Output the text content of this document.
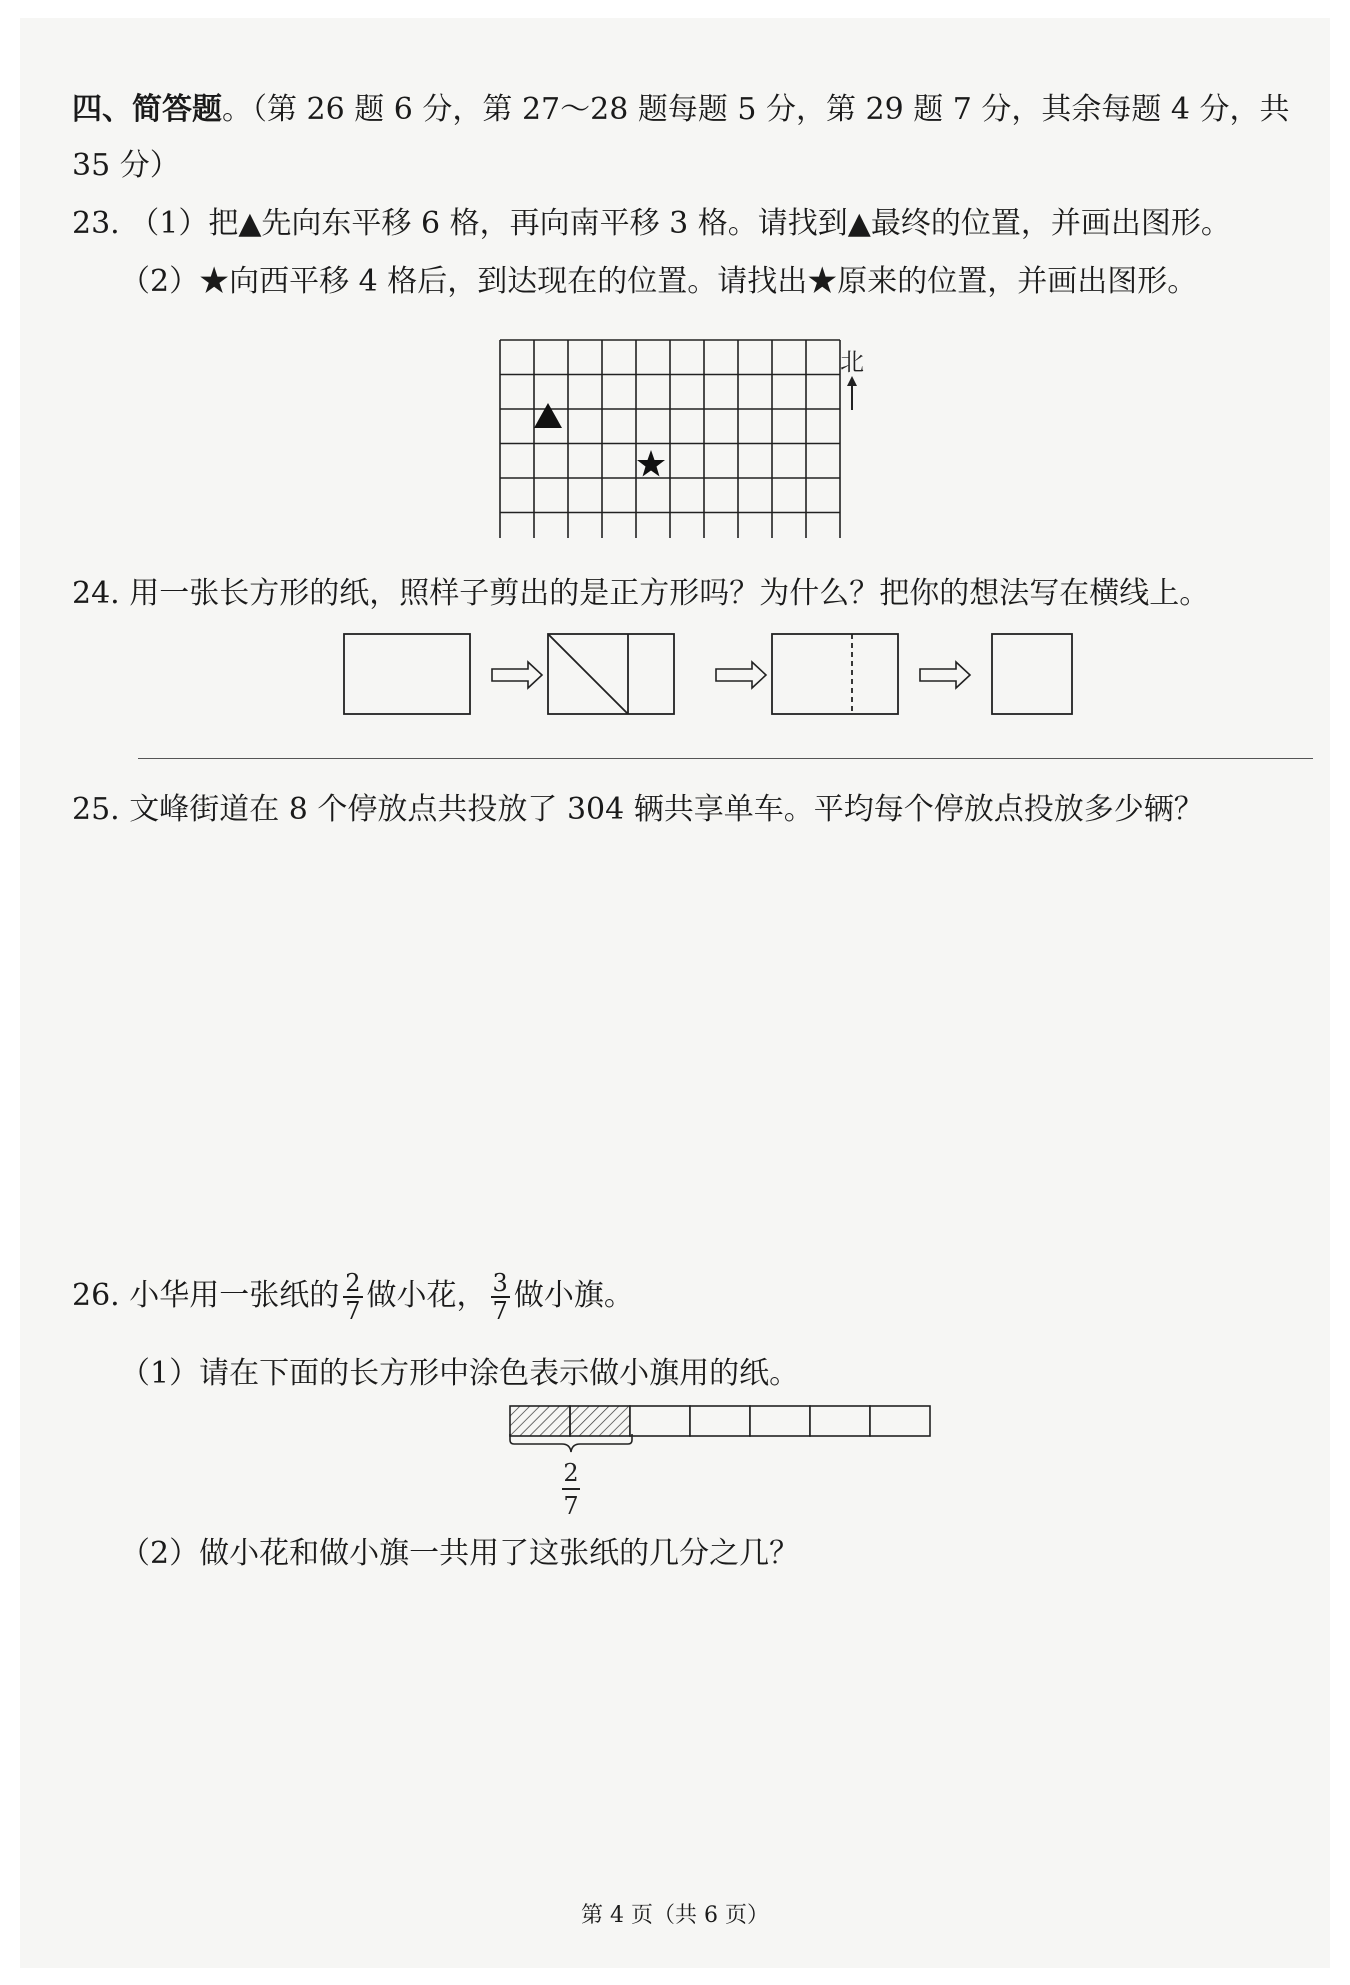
四、简答题。（第 26 题 6 分，第 27～28 题每题 5 分，第 29 题 7 分，其余每题 4 分，共
35 分）
23. （1）把▲先向东平移 6 格，再向南平移 3 格。请找到▲最终的位置，并画出图形。
（2）★向西平移 4 格后，到达现在的位置。请找出★原来的位置，并画出图形。
北
24. 用一张长方形的纸，照样子剪出的是正方形吗？为什么？把你的想法写在横线上。
25. 文峰街道在 8 个停放点共投放了 304 辆共享单车。平均每个停放点投放多少辆？
26. 小华用一张纸的 $\frac{2}{7}$ 做小花， $\frac{3}{7}$ 做小旗。
（1）请在下面的长方形中涂色表示做小旗用的纸。
2
7
（2）做小花和做小旗一共用了这张纸的几分之几？
第 4 页（共 6 页）
